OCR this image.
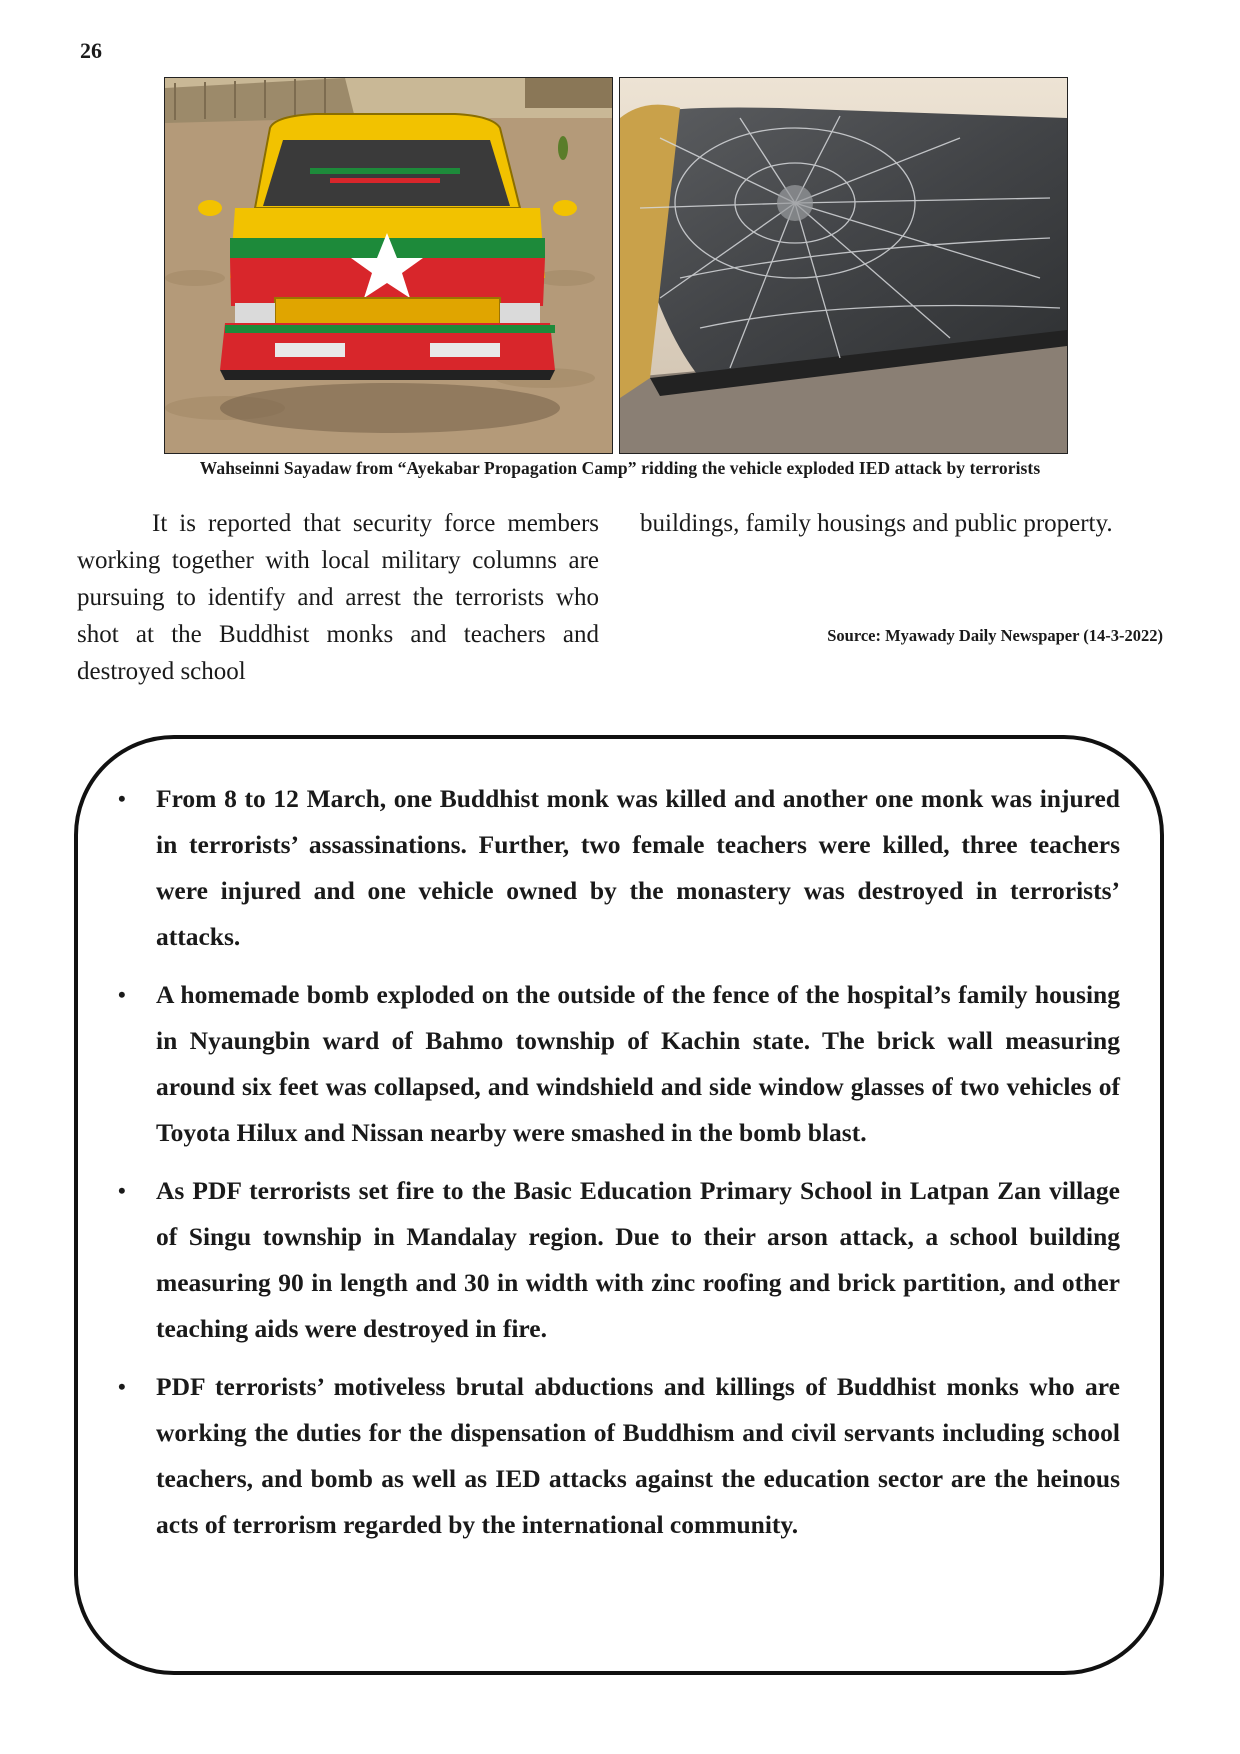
26
Wahseinni Sayadaw from “Ayekabar Propagation Camp” ridding the vehicle exploded IED attack by terrorists
It is reported that security force members working together with local military columns are pursuing to identify and arrest the terrorists who shot at the Buddhist monks and teachers and destroyed school
buildings, family housings and public property.
Source: Myawady Daily Newspaper (14-3-2022)
• From 8 to 12 March, one Buddhist monk was killed and another one monk was injured in terrorists’ assassinations. Further, two female teachers were killed, three teachers were injured and one vehicle owned by the monastery was destroyed in terrorists’ attacks.
• A homemade bomb exploded on the outside of the fence of the hospital’s family housing in Nyaungbin ward of Bahmo township of Kachin state. The brick wall measuring around six feet was collapsed, and windshield and side window glasses of two vehicles of Toyota Hilux and Nissan nearby were smashed in the bomb blast.
• As PDF terrorists set fire to the Basic Education Primary School in Latpan Zan village of Singu township in Mandalay region. Due to their arson attack, a school building measuring 90 in length and 30 in width with zinc roofing and brick partition, and other teaching aids were destroyed in fire.
• PDF terrorists’ motiveless brutal abductions and killings of Buddhist monks who are working the duties for the dispensation of Buddhism and civil servants including school teachers, and bomb as well as IED attacks against the education sector are the heinous acts of terrorism regarded by the international community.
